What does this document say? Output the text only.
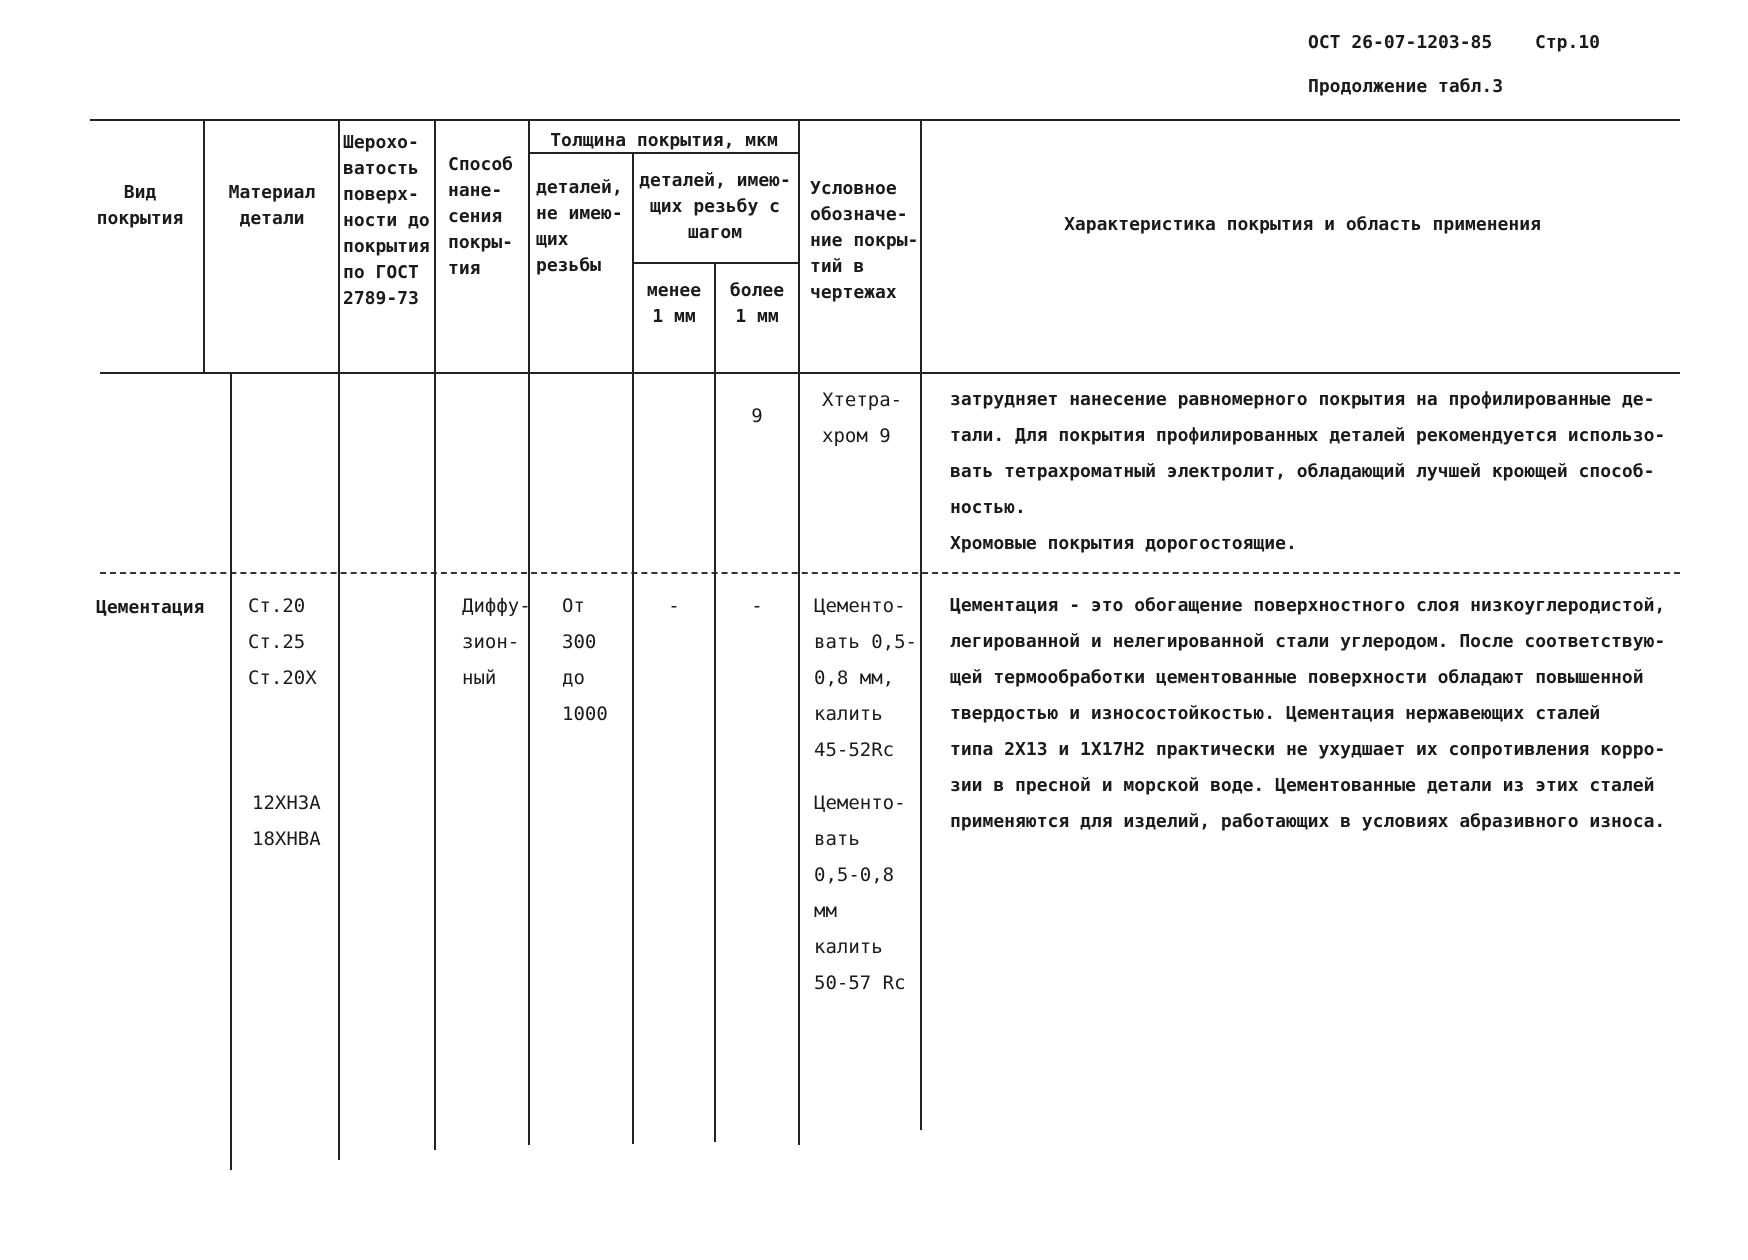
ОСТ 26-07-1203-85 Стр.10
Продолжение табл.3
Вид
покрытия
Материал
детали
Шерохо-
ватость
поверх-
ности до
покрытия
по ГОСТ
2789-73
Способ
нане-
сения
покры-
тия
Толщина покрытия, мкм
деталей,
не имею-
щих
резьбы
деталей, имею-
щих резьбу с
шагом
менее
1 мм
более
1 мм
Условное
обозначе-
ние покры-
тий в
чертежах
Характеристика покрытия и область применения
9
Хтетра-
хром 9
затрудняет нанесение равномерного покрытия на профилированные де-
тали. Для покрытия профилированных деталей рекомендуется использо-
вать тетрахроматный электролит, обладающий лучшей кроющей способ-
ностью.
Хромовые покрытия дорогостоящие.
Цементация Ст.20
Ст.25
Ст.20Х
12ХН3А
18ХНВА
Диффу-
зион-
ный
От
300
до
1000
-	-	Цементо-
вать 0,5-
0,8 мм,
калить
45-52Rc
Цементо-
вать
0,5-0,8 мм
калить
50-57 Rc
Цементация - это обогащение поверхностного слоя низкоуглеродистой,
легированной и нелегированной стали углеродом. После соответствую-
щей термообработки цементованные поверхности обладают повышенной
твердостью и износостойкостью. Цементация нержавеющих сталей
типа 2Х13 и 1Х17Н2 практически не ухудшает их сопротивления корро-
зии в пресной и морской воде. Цементованные детали из этих сталей
применяются для изделий, работающих в условиях абразивного износа.
